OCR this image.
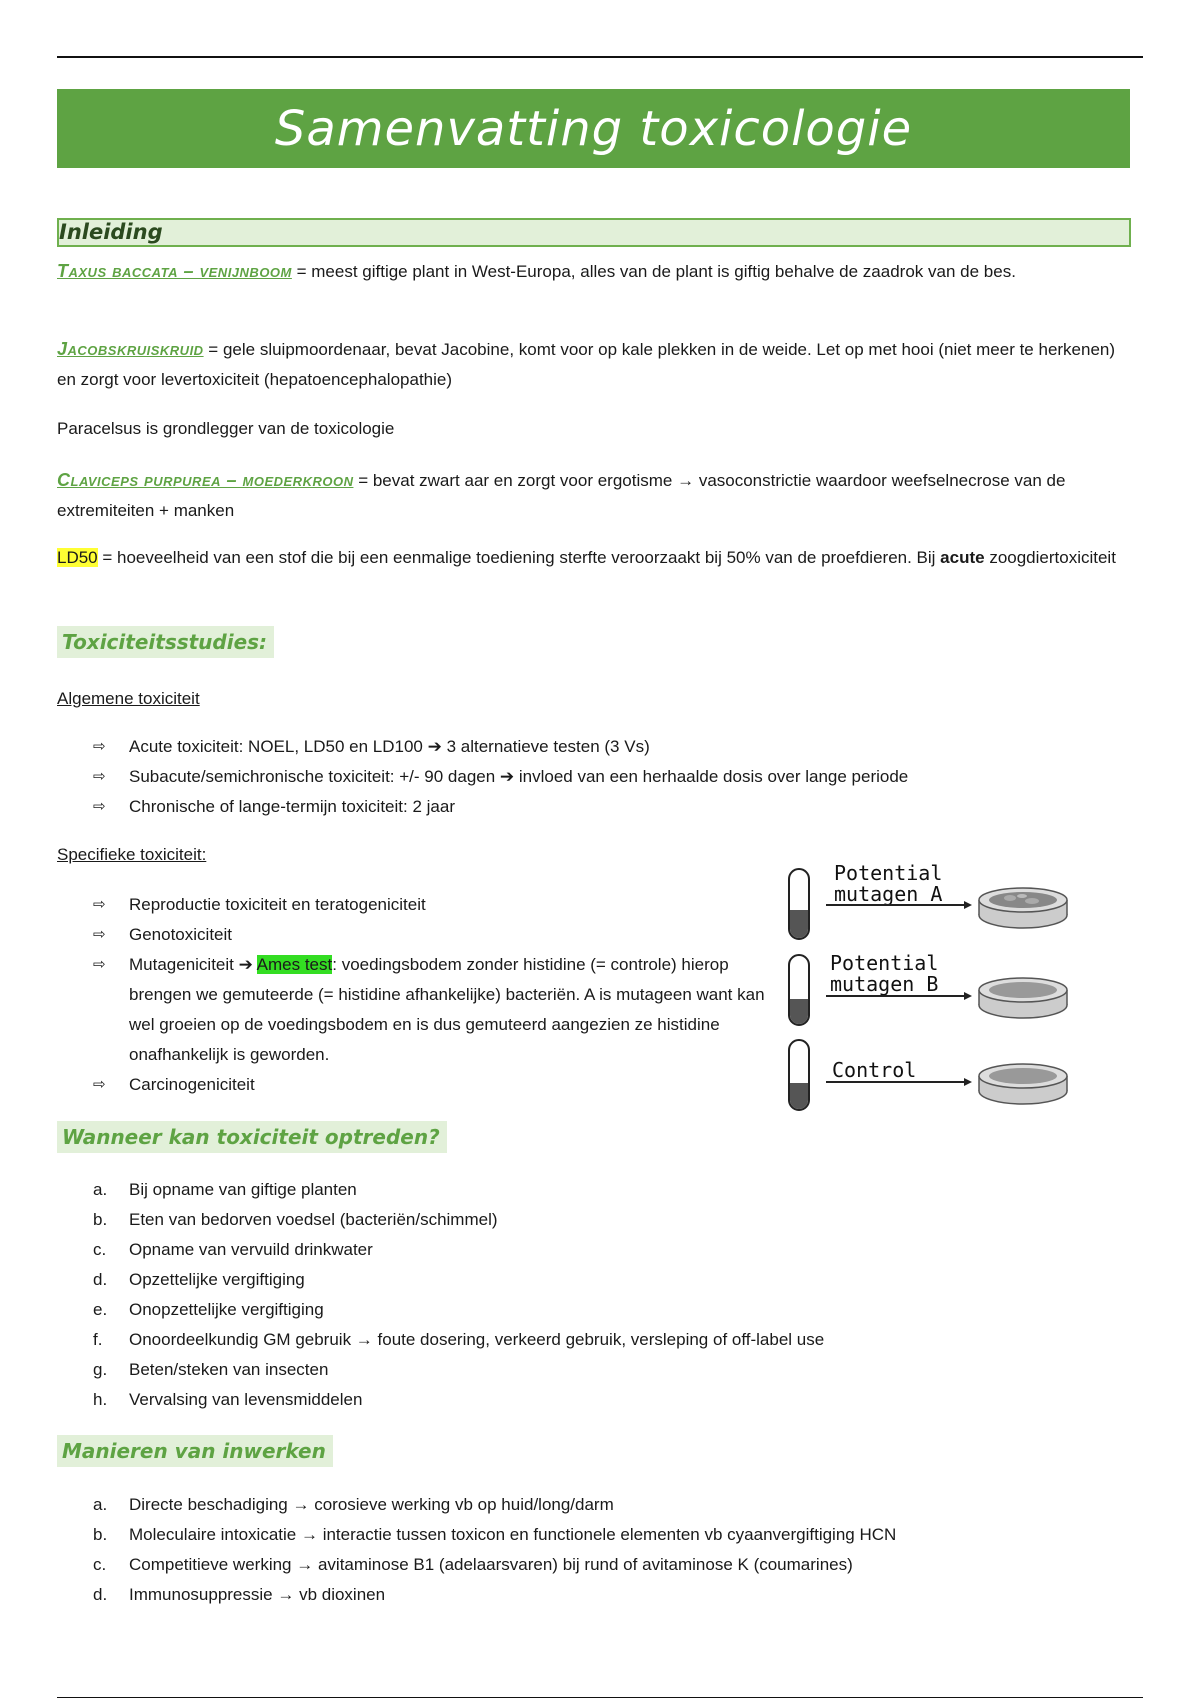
Samenvatting toxicologie
Inleiding
Taxus baccata – venijnboom = meest giftige plant in West-Europa, alles van de plant is giftig behalve de zaadrok van de bes.
Jacobskruiskruid = gele sluipmoordenaar, bevat Jacobine, komt voor op kale plekken in de weide. Let op met hooi (niet meer te herkenen) en zorgt voor levertoxiciteit (hepatoencephalopathie)
Paracelsus is grondlegger van de toxicologie
Claviceps purpurea – moederkroon = bevat zwart aar en zorgt voor ergotisme → vasoconstrictie waardoor weefselnecrose van de extremiteiten + manken
LD50 = hoeveelheid van een stof die bij een eenmalige toediening sterfte veroorzaakt bij 50% van de proefdieren. Bij acute zoogdiertoxiciteit
Toxiciteitsstudies:
Algemene toxiciteit
⇨	Acute toxiciteit: NOEL, LD50 en LD100 ➔ 3 alternatieve testen (3 Vs)
⇨	Subacute/semichronische toxiciteit: +/- 90 dagen ➔ invloed van een herhaalde dosis over lange periode
⇨	Chronische of lange-termijn toxiciteit: 2 jaar
Specifieke toxiciteit:
⇨	Reproductie toxiciteit en teratogeniciteit
⇨	Genotoxiciteit
⇨	Mutageniciteit ➔ Ames test: voedingsbodem zonder histidine (= controle) hierop brengen we gemuteerde (= histidine afhankelijke) bacteriën. A is mutageen want kan wel groeien op de voedingsbodem en is dus gemuteerd aangezien ze histidine onafhankelijk is geworden.
⇨	Carcinogeniciteit
Potential
mutagen A
Potential
mutagen B
Control
Wanneer kan toxiciteit optreden?
a.	Bij opname van giftige planten
b.	Eten van bedorven voedsel (bacteriën/schimmel)
c.	Opname van vervuild drinkwater
d.	Opzettelijke vergiftiging
e.	Onopzettelijke vergiftiging
f.	Onoordeelkundig GM gebruik → foute dosering, verkeerd gebruik, versleping of off-label use
g.	Beten/steken van insecten
h.	Vervalsing van levensmiddelen
Manieren van inwerken
a.	Directe beschadiging → corosieve werking vb op huid/long/darm
b.	Moleculaire intoxicatie → interactie tussen toxicon en functionele elementen vb cyaanvergiftiging HCN
c.	Competitieve werking → avitaminose B1 (adelaarsvaren) bij rund of avitaminose K (coumarines)
d.	Immunosuppressie → vb dioxinen
